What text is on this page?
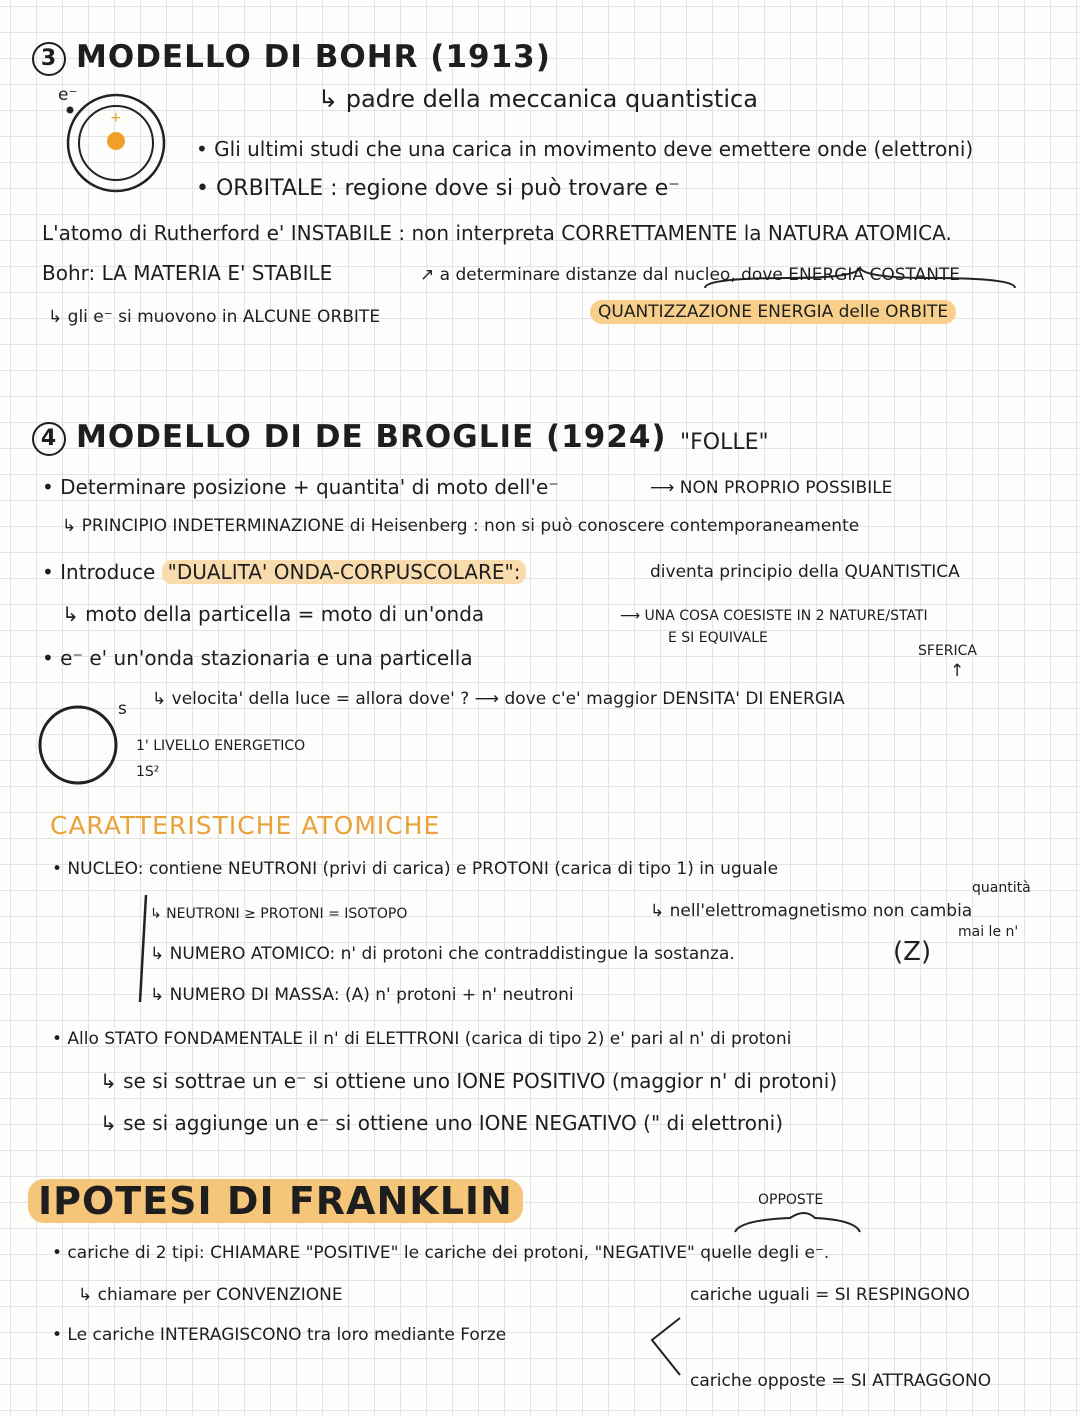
3 MODELLO DI BOHR (1913)
e⁻
+
↳ padre della meccanica quantistica
• Gli ultimi studi che una carica in movimento deve emettere onde (elettroni)
• ORBITALE : regione dove si può trovare e⁻
L'atomo di Rutherford e' INSTABILE : non interpreta CORRETTAMENTE la NATURA ATOMICA.
Bohr: LA MATERIA E' STABILE	↗ a determinare distanze dal nucleo, dove ENERGIA COSTANTE
↳ gli e⁻ si muovono in ALCUNE ORBITE	QUANTIZZAZIONE ENERGIA delle ORBITE
4 MODELLO DI DE BROGLIE (1924) "FOLLE"
• Determinare posizione + quantita' di moto dell'e⁻	⟶ NON PROPRIO POSSIBILE
↳ PRINCIPIO INDETERMINAZIONE di Heisenberg : non si può conoscere contemporaneamente
• Introduce "DUALITA' ONDA-CORPUSCOLARE":	diventa principio della QUANTISTICA
↳ moto della particella = moto di un'onda	⟶ UNA COSA COESISTE IN 2 NATURE/STATI
E SI EQUIVALE
• e⁻ e' un'onda stazionaria e una particella	SFERICA
↑
↳ velocita' della luce = allora dove' ? ⟶ dove c'e' maggior DENSITA' DI ENERGIA
s
1' LIVELLO ENERGETICO
1S²
CARATTERISTICHE ATOMICHE
• NUCLEO: contiene NEUTRONI (privi di carica) e PROTONI (carica di tipo 1) in uguale
quantità
↳ NEUTRONI ≥ PROTONI = ISOTOPO	↳ nell'elettromagnetismo non cambia
mai le n'
↳ NUMERO ATOMICO: n' di protoni che contraddistingue la sostanza.	(Z)
↳ NUMERO DI MASSA: (A) n' protoni + n' neutroni
• Allo STATO FONDAMENTALE il n' di ELETTRONI (carica di tipo 2) e' pari al n' di protoni
↳ se si sottrae un e⁻ si ottiene uno IONE POSITIVO (maggior n' di protoni)
↳ se si aggiunge un e⁻ si ottiene uno IONE NEGATIVO (" di elettroni)
IPOTESI DI FRANKLIN	OPPOSTE
• cariche di 2 tipi: CHIAMARE "POSITIVE" le cariche dei protoni, "NEGATIVE" quelle degli e⁻.
↳ chiamare per CONVENZIONE	cariche uguali = SI RESPINGONO
• Le cariche INTERAGISCONO tra loro mediante Forze
cariche opposte = SI ATTRAGGONO
